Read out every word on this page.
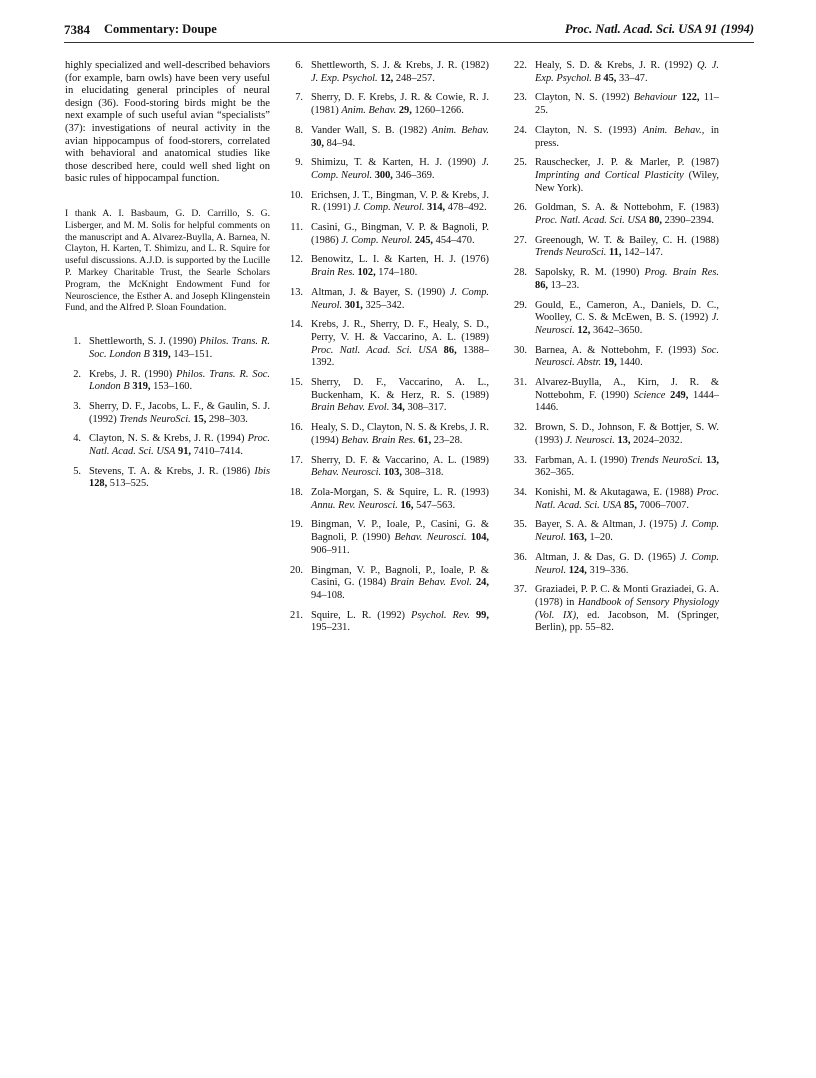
7384 Commentary: Doupe	Proc. Natl. Acad. Sci. USA 91 (1994)

highly specialized and well-described behaviors (for example, barn owls) have been very useful in elucidating general principles of neural design (36). Food-storing birds might be the next example of such useful avian “specialists” (37): investigations of neural activity in the avian hippocampus of food-storers, correlated with behavioral and anatomical studies like those described here, could well shed light on basic rules of hippocampal function.

I thank A. I. Basbaum, G. D. Carrillo, S. G. Lisberger, and M. M. Solis for helpful comments on the manuscript and A. Alvarez-Buylla, A. Barnea, N. Clayton, H. Karten, T. Shimizu, and L. R. Squire for useful discussions. A.J.D. is supported by the Lucille P. Markey Charitable Trust, the Searle Scholars Program, the McKnight Endowment Fund for Neuroscience, the Esther A. and Joseph Klingenstein Fund, and the Alfred P. Sloan Foundation.
1. Shettleworth, S. J. (1990) Philos. Trans. R. Soc. London B 319, 143–151.
2. Krebs, J. R. (1990) Philos. Trans. R. Soc. London B 319, 153–160.
3. Sherry, D. F., Jacobs, L. F., & Gaulin, S. J. (1992) Trends NeuroSci. 15, 298–303.
4. Clayton, N. S. & Krebs, J. R. (1994) Proc. Natl. Acad. Sci. USA 91, 7410–7414.
5. Stevens, T. A. & Krebs, J. R. (1986) Ibis 128, 513–525.
6. Shettleworth, S. J. & Krebs, J. R. (1982) J. Exp. Psychol. 12, 248–257.
7. Sherry, D. F. Krebs, J. R. & Cowie, R. J. (1981) Anim. Behav. 29, 1260–1266.
8. Vander Wall, S. B. (1982) Anim. Behav. 30, 84–94.
9. Shimizu, T. & Karten, H. J. (1990) J. Comp. Neurol. 300, 346–369.
10. Erichsen, J. T., Bingman, V. P. & Krebs, J. R. (1991) J. Comp. Neurol. 314, 478–492.
11. Casini, G., Bingman, V. P. & Bagnoli, P. (1986) J. Comp. Neurol. 245, 454–470.
12. Benowitz, L. I. & Karten, H. J. (1976) Brain Res. 102, 174–180.
13. Altman, J. & Bayer, S. (1990) J. Comp. Neurol. 301, 325–342.
14. Krebs, J. R., Sherry, D. F., Healy, S. D., Perry, V. H. & Vaccarino, A. L. (1989) Proc. Natl. Acad. Sci. USA 86, 1388–1392.
15. Sherry, D. F., Vaccarino, A. L., Buckenham, K. & Herz, R. S. (1989) Brain Behav. Evol. 34, 308–317.
16. Healy, S. D., Clayton, N. S. & Krebs, J. R. (1994) Behav. Brain Res. 61, 23–28.
17. Sherry, D. F. & Vaccarino, A. L. (1989) Behav. Neurosci. 103, 308–318.
18. Zola-Morgan, S. & Squire, L. R. (1993) Annu. Rev. Neurosci. 16, 547–563.
19. Bingman, V. P., Ioale, P., Casini, G. & Bagnoli, P. (1990) Behav. Neurosci. 104, 906–911.
20. Bingman, V. P., Bagnoli, P., Ioale, P. & Casini, G. (1984) Brain Behav. Evol. 24, 94–108.
21. Squire, L. R. (1992) Psychol. Rev. 99, 195–231.
22. Healy, S. D. & Krebs, J. R. (1992) Q. J. Exp. Psychol. B 45, 33–47.
23. Clayton, N. S. (1992) Behaviour 122, 11–25.
24. Clayton, N. S. (1993) Anim. Behav., in press.
25. Rauschecker, J. P. & Marler, P. (1987) Imprinting and Cortical Plasticity (Wiley, New York).
26. Goldman, S. A. & Nottebohm, F. (1983) Proc. Natl. Acad. Sci. USA 80, 2390–2394.
27. Greenough, W. T. & Bailey, C. H. (1988) Trends NeuroSci. 11, 142–147.
28. Sapolsky, R. M. (1990) Prog. Brain Res. 86, 13–23.
29. Gould, E., Cameron, A., Daniels, D. C., Woolley, C. S. & McEwen, B. S. (1992) J. Neurosci. 12, 3642–3650.
30. Barnea, A. & Nottebohm, F. (1993) Soc. Neurosci. Abstr. 19, 1440.
31. Alvarez-Buylla, A., Kirn, J. R. & Nottebohm, F. (1990) Science 249, 1444–1446.
32. Brown, S. D., Johnson, F. & Bottjer, S. W. (1993) J. Neurosci. 13, 2024–2032.
33. Farbman, A. I. (1990) Trends NeuroSci. 13, 362–365.
34. Konishi, M. & Akutagawa, E. (1988) Proc. Natl. Acad. Sci. USA 85, 7006–7007.
35. Bayer, S. A. & Altman, J. (1975) J. Comp. Neurol. 163, 1–20.
36. Altman, J. & Das, G. D. (1965) J. Comp. Neurol. 124, 319–336.
37. Graziadei, P. P. C. & Monti Graziadei, G. A. (1978) in Handbook of Sensory Physiology (Vol. IX), ed. Jacobson, M. (Springer, Berlin), pp. 55–82.
